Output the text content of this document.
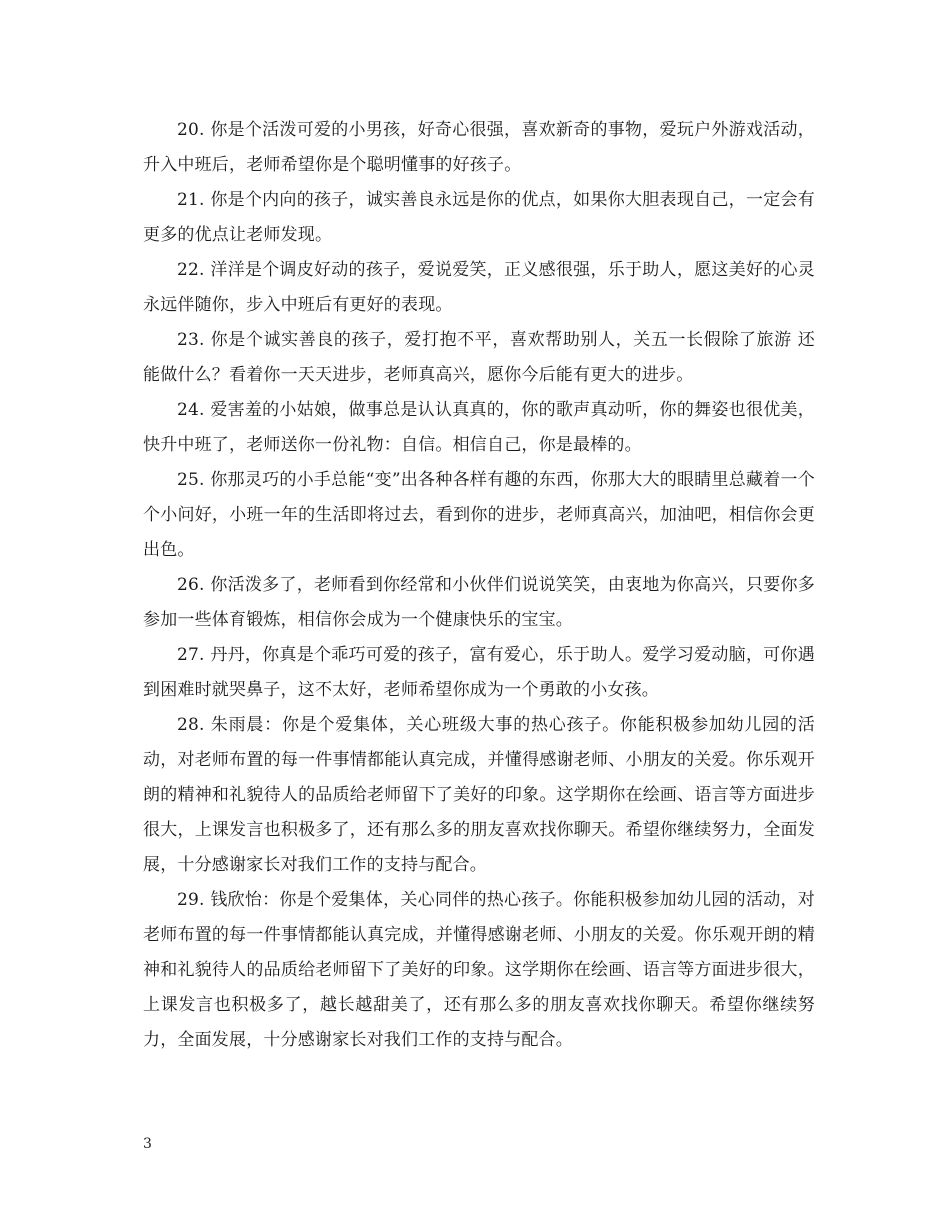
20. 你是个活泼可爱的小男孩，好奇心很强，喜欢新奇的事物，爱玩户外游戏活动，升入中班后，老师希望你是个聪明懂事的好孩子。

21. 你是个内向的孩子，诚实善良永远是你的优点，如果你大胆表现自己，一定会有更多的优点让老师发现。

22. 洋洋是个调皮好动的孩子，爱说爱笑，正义感很强，乐于助人，愿这美好的心灵永远伴随你，步入中班后有更好的表现。

23. 你是个诚实善良的孩子，爱打抱不平，喜欢帮助别人，关五一长假除了旅游 还能做什么？看着你一天天进步，老师真高兴，愿你今后能有更大的进步。

24. 爱害羞的小姑娘，做事总是认认真真的，你的歌声真动听，你的舞姿也很优美，快升中班了，老师送你一份礼物：自信。相信自己，你是最棒的。

25. 你那灵巧的小手总能“变”出各种各样有趣的东西，你那大大的眼睛里总藏着一个个小问好，小班一年的生活即将过去，看到你的进步，老师真高兴，加油吧，相信你会更出色。

26. 你活泼多了，老师看到你经常和小伙伴们说说笑笑，由衷地为你高兴，只要你多参加一些体育锻炼，相信你会成为一个健康快乐的宝宝。

27. 丹丹，你真是个乖巧可爱的孩子，富有爱心，乐于助人。爱学习爱动脑，可你遇到困难时就哭鼻子，这不太好，老师希望你成为一个勇敢的小女孩。

28. 朱雨晨：你是个爱集体，关心班级大事的热心孩子。你能积极参加幼儿园的活动，对老师布置的每一件事情都能认真完成，并懂得感谢老师、小朋友的关爱。你乐观开朗的精神和礼貌待人的品质给老师留下了美好的印象。这学期你在绘画、语言等方面进步很大，上课发言也积极多了，还有那么多的朋友喜欢找你聊天。希望你继续努力，全面发展，十分感谢家长对我们工作的支持与配合。

29. 钱欣怡：你是个爱集体，关心同伴的热心孩子。你能积极参加幼儿园的活动，对老师布置的每一件事情都能认真完成，并懂得感谢老师、小朋友的关爱。你乐观开朗的精神和礼貌待人的品质给老师留下了美好的印象。这学期你在绘画、语言等方面进步很大，上课发言也积极多了，越长越甜美了，还有那么多的朋友喜欢找你聊天。希望你继续努力，全面发展，十分感谢家长对我们工作的支持与配合。

3
